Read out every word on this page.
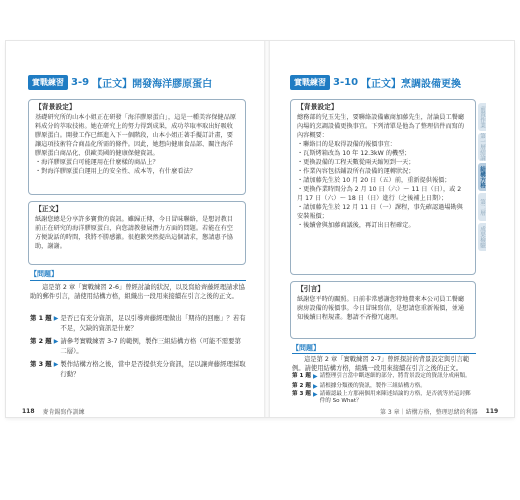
實戰練習 3-9 【正文】開發海洋膠原蛋白
【背景設定】

基礎研究所的山本小姐正在研發「海洋膠原蛋白」，這是一種美容保健品原料成分的萃取技術。她在研究上的努力得到成果，成功萃取率取出好吸收膠原蛋白。開發工作已經進入下一個階段，山本小姐正著手擬訂計畫，要讓這項技術符合商品化所需的條件。因此，她想向健康食品部、關注海洋膠原蛋白商品化、俱歐美國的健康保健資訊。

・海洋膠原蛋白可能運用在什麼樣的商品上？

・對海洋膠原蛋白運用上的安全性、成本等，有什麼看法？

【正文】

紙謝您總是分享許多寶貴的資訊。雖歸正傳，今日冒味聯絡，是想討教目前正在研究的海洋膠原蛋白，向您請教發展潛力方面的問題。若能在有空方便說話的時間，我將不勝感激。很抱歉突然提出這個請求，懇請惠予協助，謝謝。

【問題】

這是第 2 章「實戰練習 2-6」曾經討論的狀況，以及寫給齊藤經理請求協助的郵件引言，請使用結構方格，組織出一段用來接續在引言之後的正文。

第 1 題 ▶ 是否已有充分資訊，足以引導齊藤經理做出「期待的回應」？若有不足，欠缺的資訊是什麼？
第 2 題 ▶ 請參考實戰練習 3-7 的範例，製作三組結構方格（可能不需要第二層）。
第 3 題 ▶ 製作結構方格之後，當中是否提供充分資訊，足以讓齊藤經理採取行動？
118 麥肯錫寫作訓練
實戰練習 3-10 【正文】烹調設備更換
【背景設定】

總務部的兒玉先生，要聯絡設備廠商加藤先生，討論員工餐廳內場的烹調設備更換事宜。下列清單是他為了整理信件而寫的內容概要：

・聯絡目的是取得設備的報價事宜：

・瓦斯烤箱改為 10 年 12.3kW 的機型；

・更換設備的工程天數從兩天縮短到一天；

・作業內容包括鋪設所有設備的運轉狀況；

・請加藤先生於 10 月 20 日（五）前，重新提供報價；

・更換作業時間分為 2 月 10 日（六）～ 11 日（日），或 2 月 17 日（六）～ 18 日（日）進行（之後補上日期）；

・請加藤先生於 12 月 11 日（一）課程，事先確認過場勘與安裝報價；

・後續會與加藤商議後，再訂出日程確定。

【引言】

紙謝您平時的關照。日前非常感謝您特地費來本公司員工餐廳廚房設備的報價事。今日冒昧寫信，是想請您重新報價，並通知後續日程規畫。懇請不吝撥冗處理。

【問題】

這是第 2 章「實戰練習 2-7」曾經探討的背景設定與引言範例。請使用結構方格，組織一段用來接續在引言之後的正文。

第 1 題 ▶ 請整理引言當中斷逐細的部分，將背景設定的資訊分成兩類。
第 2 題 ▶ 請根據分類後的資訊，製作三組結構方格。
第 3 題 ▶ 請確認最上方那兩個用來陳述結論的方格，是否就等於這封郵件的 So What？
第 3 章｜結構方格，整理思緒的利器 119
前置作業
第一層結論
結構方格
第二層
成果檢驗
